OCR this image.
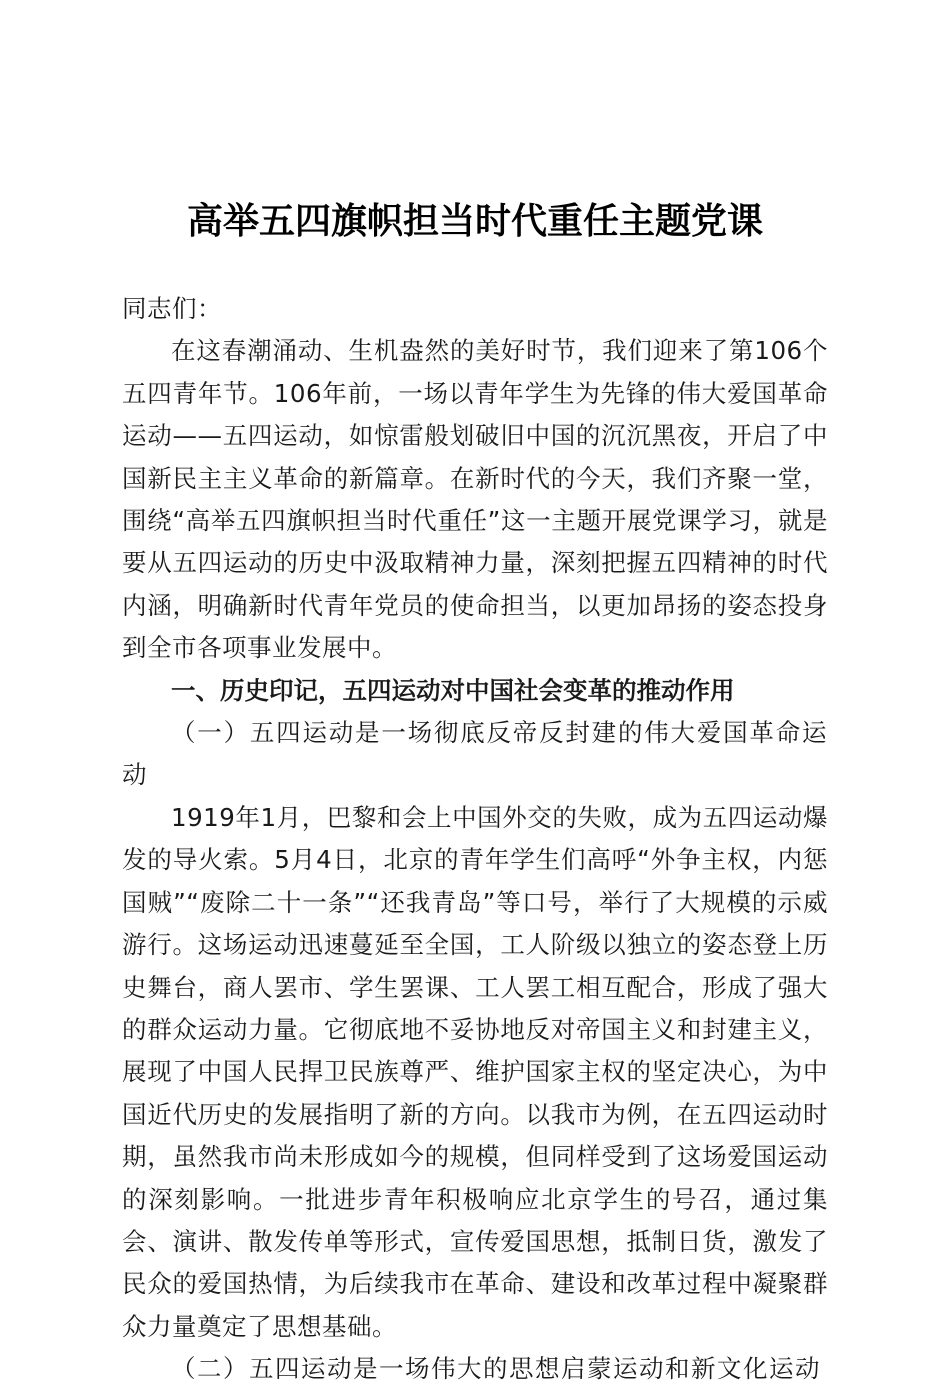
高举五四旗帜担当时代重任主题党课

同志们：

在这春潮涌动、生机盎然的美好时节，我们迎来了第106个五四青年节。106年前，一场以青年学生为先锋的伟大爱国革命运动——五四运动，如惊雷般划破旧中国的沉沉黑夜，开启了中国新民主主义革命的新篇章。在新时代的今天，我们齐聚一堂，围绕“高举五四旗帜担当时代重任”这一主题开展党课学习，就是要从五四运动的历史中汲取精神力量，深刻把握五四精神的时代内涵，明确新时代青年党员的使命担当，以更加昂扬的姿态投身到全市各项事业发展中。

一、历史印记，五四运动对中国社会变革的推动作用

（一）五四运动是一场彻底反帝反封建的伟大爱国革命运动

1919年1月，巴黎和会上中国外交的失败，成为五四运动爆发的导火索。5月4日，北京的青年学生们高呼“外争主权，内惩国贼”“废除二十一条”“还我青岛”等口号，举行了大规模的示威游行。这场运动迅速蔓延至全国，工人阶级以独立的姿态登上历史舞台，商人罢市、学生罢课、工人罢工相互配合，形成了强大的群众运动力量。它彻底地不妥协地反对帝国主义和封建主义，展现了中国人民捍卫民族尊严、维护国家主权的坚定决心，为中国近代历史的发展指明了新的方向。以我市为例，在五四运动时期，虽然我市尚未形成如今的规模，但同样受到了这场爱国运动的深刻影响。一批进步青年积极响应北京学生的号召，通过集会、演讲、散发传单等形式，宣传爱国思想，抵制日货，激发了民众的爱国热情，为后续我市在革命、建设和改革过程中凝聚群众力量奠定了思想基础。

（二）五四运动是一场伟大的思想启蒙运动和新文化运动
